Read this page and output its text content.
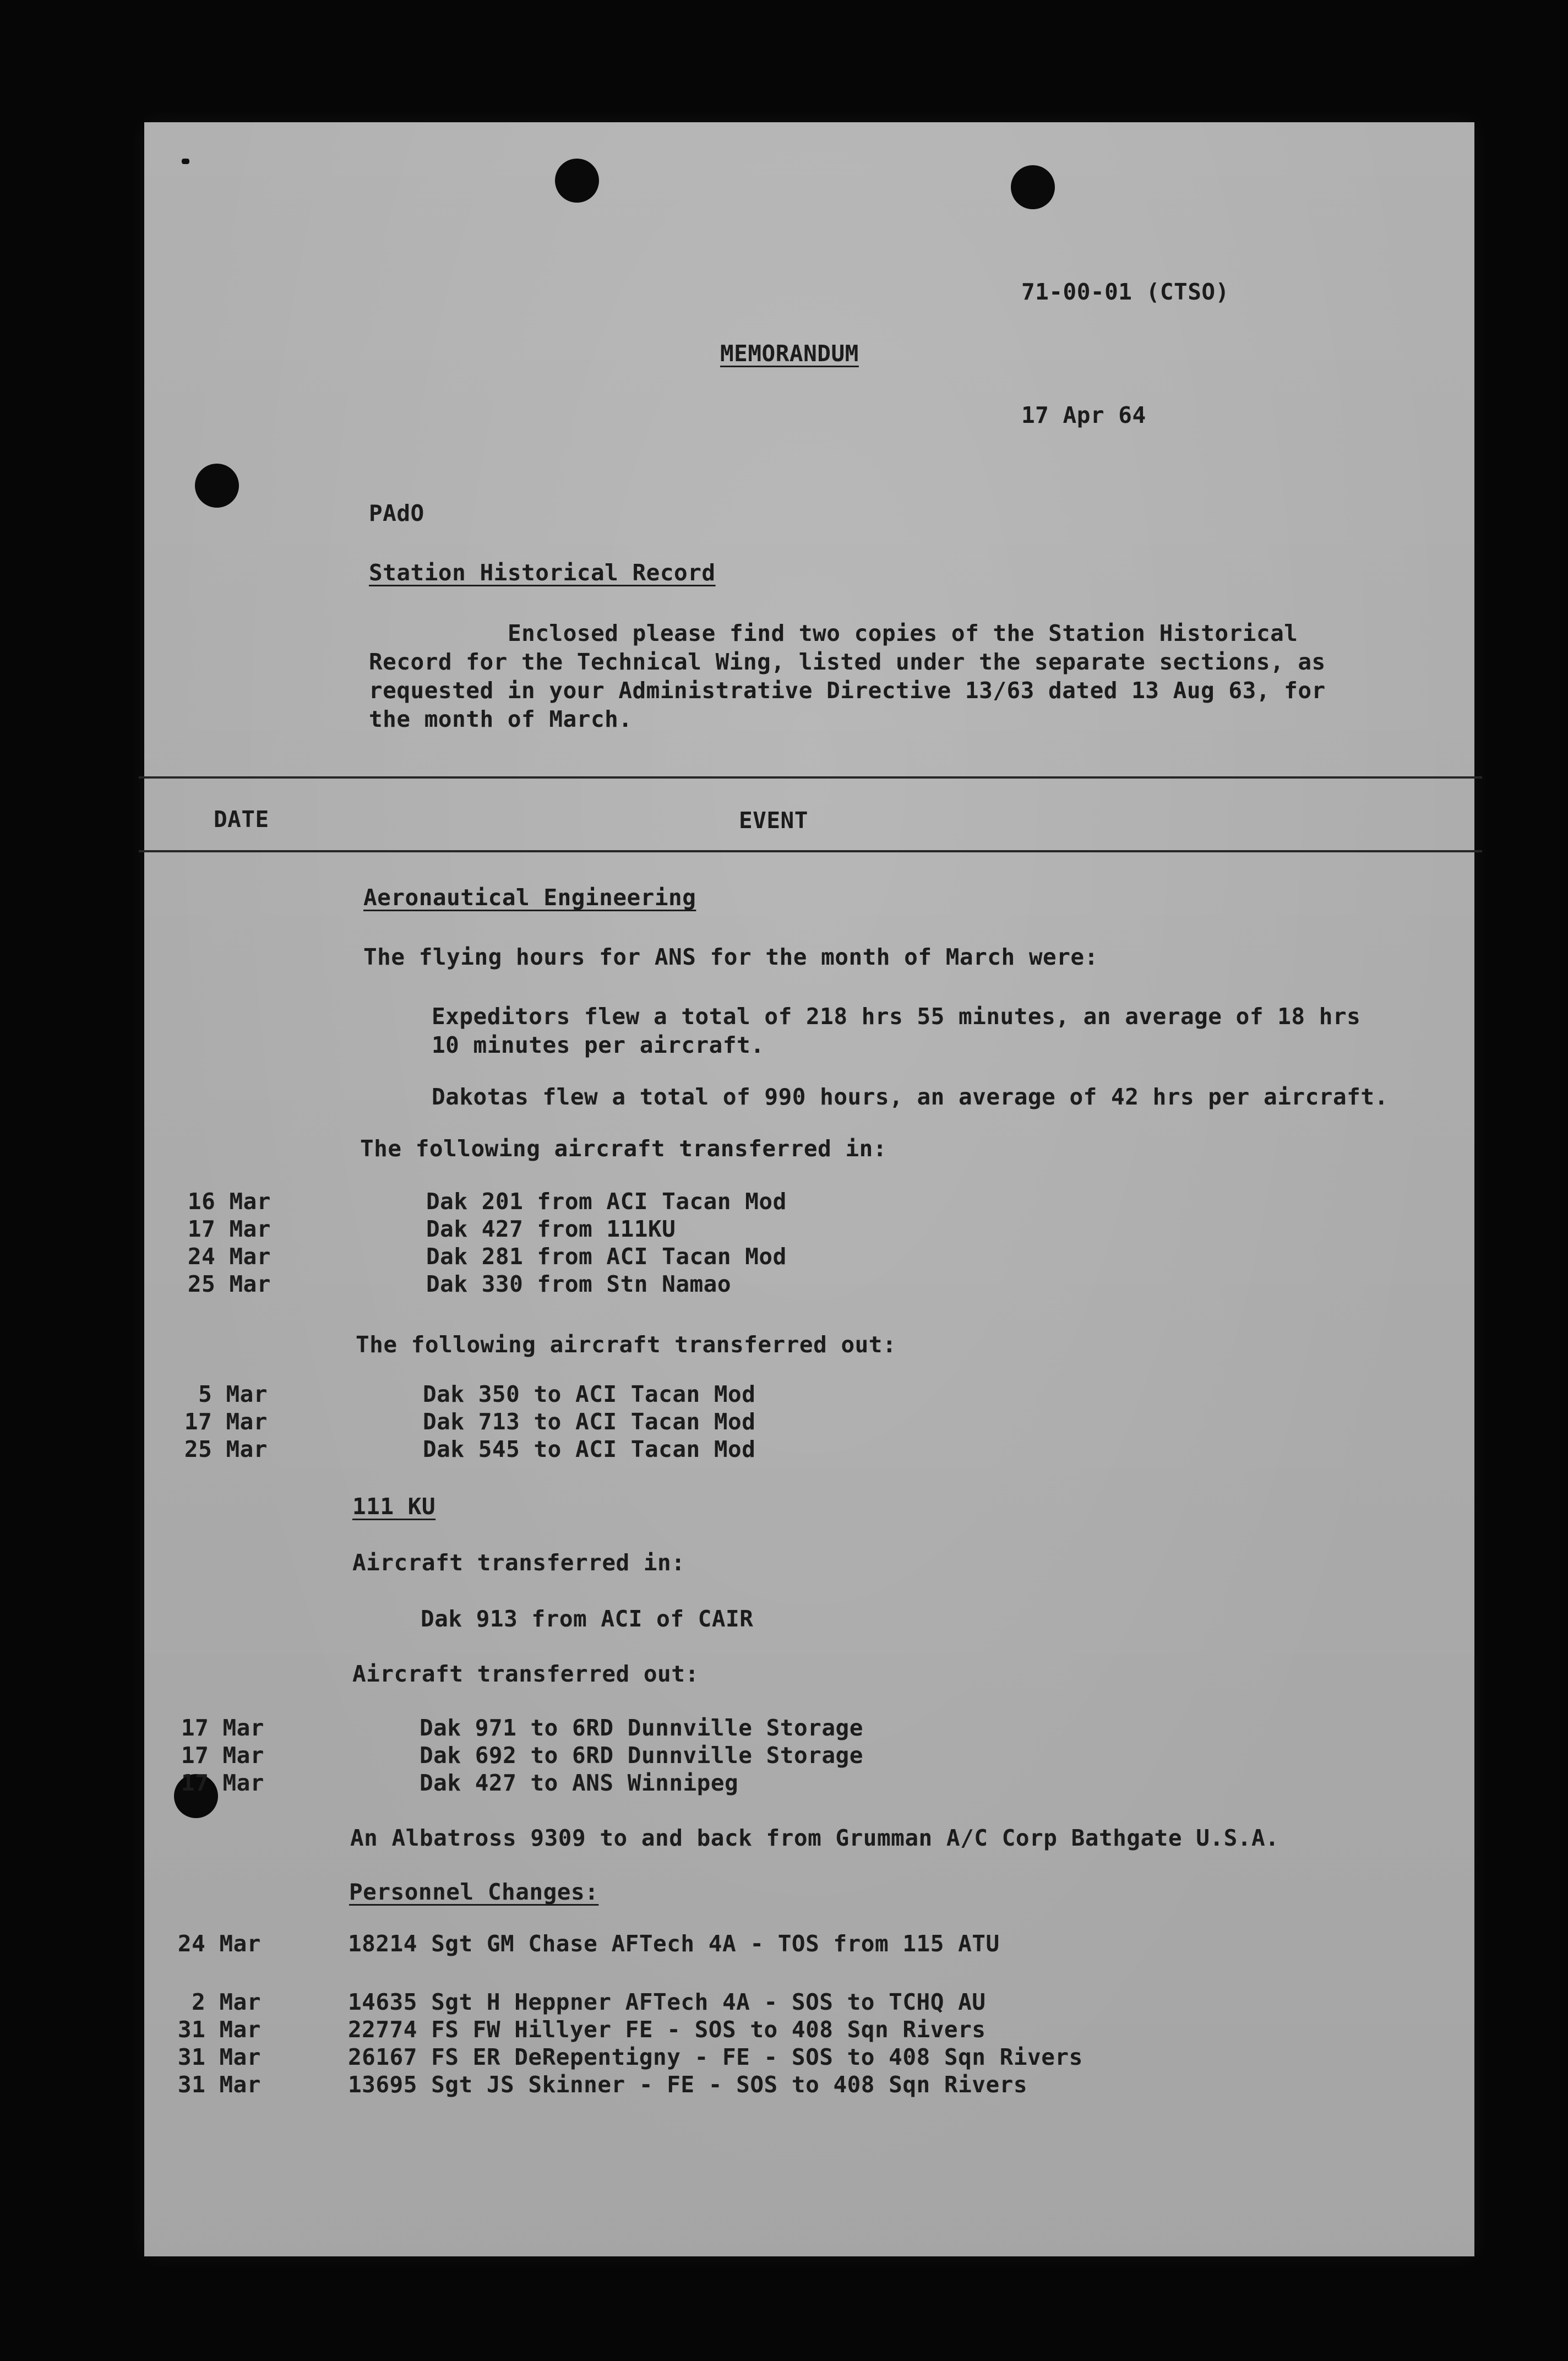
71-00-01 (CTSO)
MEMORANDUM
17 Apr 64
PAdO
Station Historical Record
Enclosed please find two copies of the Station Historical
Record for the Technical Wing, listed under the separate sections, as
requested in your Administrative Directive 13/63 dated 13 Aug 63, for
the month of March.
DATE	EVENT
Aeronautical Engineering
The flying hours for ANS for the month of March were:
Expeditors flew a total of 218 hrs 55 minutes, an average of 18 hrs
10 minutes per aircraft.
Dakotas flew a total of 990 hours, an average of 42 hrs per aircraft.
The following aircraft transferred in:
16 Mar	Dak 201 from ACI Tacan Mod
17 Mar	Dak 427 from 111KU
24 Mar	Dak 281 from ACI Tacan Mod
25 Mar	Dak 330 from Stn Namao
The following aircraft transferred out:
5 Mar	Dak 350 to ACI Tacan Mod
17 Mar	Dak 713 to ACI Tacan Mod
25 Mar	Dak 545 to ACI Tacan Mod
111 KU
Aircraft transferred in:
Dak 913 from ACI of CAIR
Aircraft transferred out:
17 Mar	Dak 971 to 6RD Dunnville Storage
17 Mar	Dak 692 to 6RD Dunnville Storage
17 Mar	Dak 427 to ANS Winnipeg
An Albatross 9309 to and back from Grumman A/C Corp Bathgate U.S.A.
Personnel Changes:
24 Mar	18214 Sgt GM Chase AFTech 4A - TOS from 115 ATU
2 Mar	14635 Sgt H Heppner AFTech 4A - SOS to TCHQ AU
31 Mar	22774 FS FW Hillyer FE - SOS to 408 Sqn Rivers
31 Mar	26167 FS ER DeRepentigny - FE - SOS to 408 Sqn Rivers
31 Mar	13695 Sgt JS Skinner - FE - SOS to 408 Sqn Rivers
